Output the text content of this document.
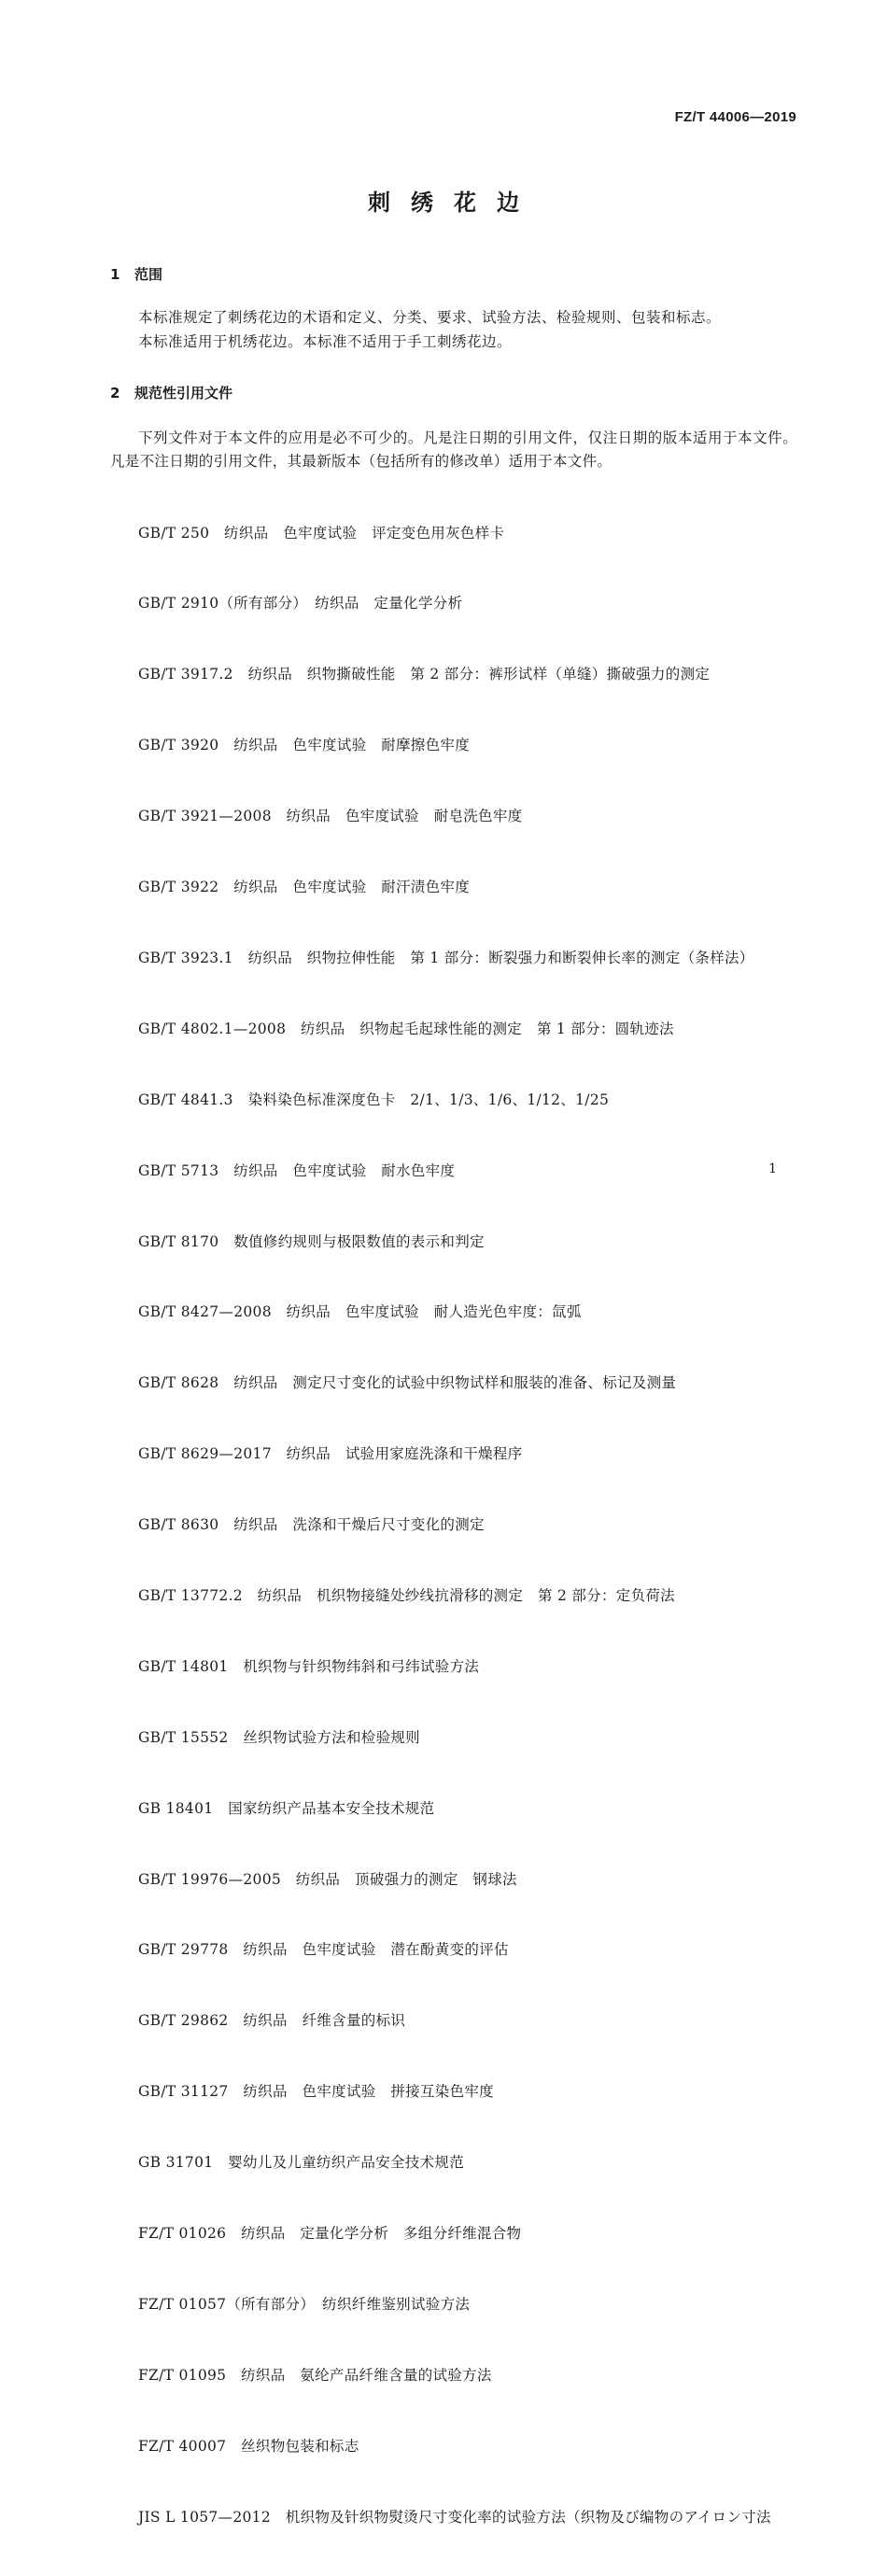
FZ/T 44006—2019
刺绣花边
1 范围

本标准规定了刺绣花边的术语和定义、分类、要求、试验方法、检验规则、包装和标志。

本标准适用于机绣花边。本标准不适用于手工刺绣花边。

2 规范性引用文件

下列文件对于本文件的应用是必不可少的。凡是注日期的引用文件，仅注日期的版本适用于本文件。凡是不注日期的引用文件，其最新版本（包括所有的修改单）适用于本文件。

GB/T 250　纺织品　色牢度试验　评定变色用灰色样卡

GB/T 2910（所有部分）　纺织品　定量化学分析

GB/T 3917.2　纺织品　织物撕破性能　第 2 部分：裤形试样（单缝）撕破强力的测定

GB/T 3920　纺织品　色牢度试验　耐摩擦色牢度

GB/T 3921—2008　纺织品　色牢度试验　耐皂洗色牢度

GB/T 3922　纺织品　色牢度试验　耐汗渍色牢度

GB/T 3923.1　纺织品　织物拉伸性能　第 1 部分：断裂强力和断裂伸长率的测定（条样法）

GB/T 4802.1—2008　纺织品　织物起毛起球性能的测定　第 1 部分：圆轨迹法

GB/T 4841.3　染料染色标准深度色卡　2/1、1/3、1/6、1/12、1/25

GB/T 5713　纺织品　色牢度试验　耐水色牢度

GB/T 8170　数值修约规则与极限数值的表示和判定

GB/T 8427—2008　纺织品　色牢度试验　耐人造光色牢度：氙弧

GB/T 8628　纺织品　测定尺寸变化的试验中织物试样和服装的准备、标记及测量

GB/T 8629—2017　纺织品　试验用家庭洗涤和干燥程序

GB/T 8630　纺织品　洗涤和干燥后尺寸变化的测定

GB/T 13772.2　纺织品　机织物接缝处纱线抗滑移的测定　第 2 部分：定负荷法

GB/T 14801　机织物与针织物纬斜和弓纬试验方法

GB/T 15552　丝织物试验方法和检验规则

GB 18401　国家纺织产品基本安全技术规范

GB/T 19976—2005　纺织品　顶破强力的测定　钢球法

GB/T 29778　纺织品　色牢度试验　潜在酚黄变的评估

GB/T 29862　纺织品　纤维含量的标识

GB/T 31127　纺织品　色牢度试验　拼接互染色牢度

GB 31701　婴幼儿及儿童纺织产品安全技术规范

FZ/T 01026　纺织品　定量化学分析　多组分纤维混合物

FZ/T 01057（所有部分）　纺织纤维鉴别试验方法

FZ/T 01095　纺织品　氨纶产品纤维含量的试验方法

FZ/T 40007　丝织物包装和标志

JIS L 1057—2012　机织物及针织物熨烫尺寸变化率的试验方法（织物及び编物のアイロン寸法

1
